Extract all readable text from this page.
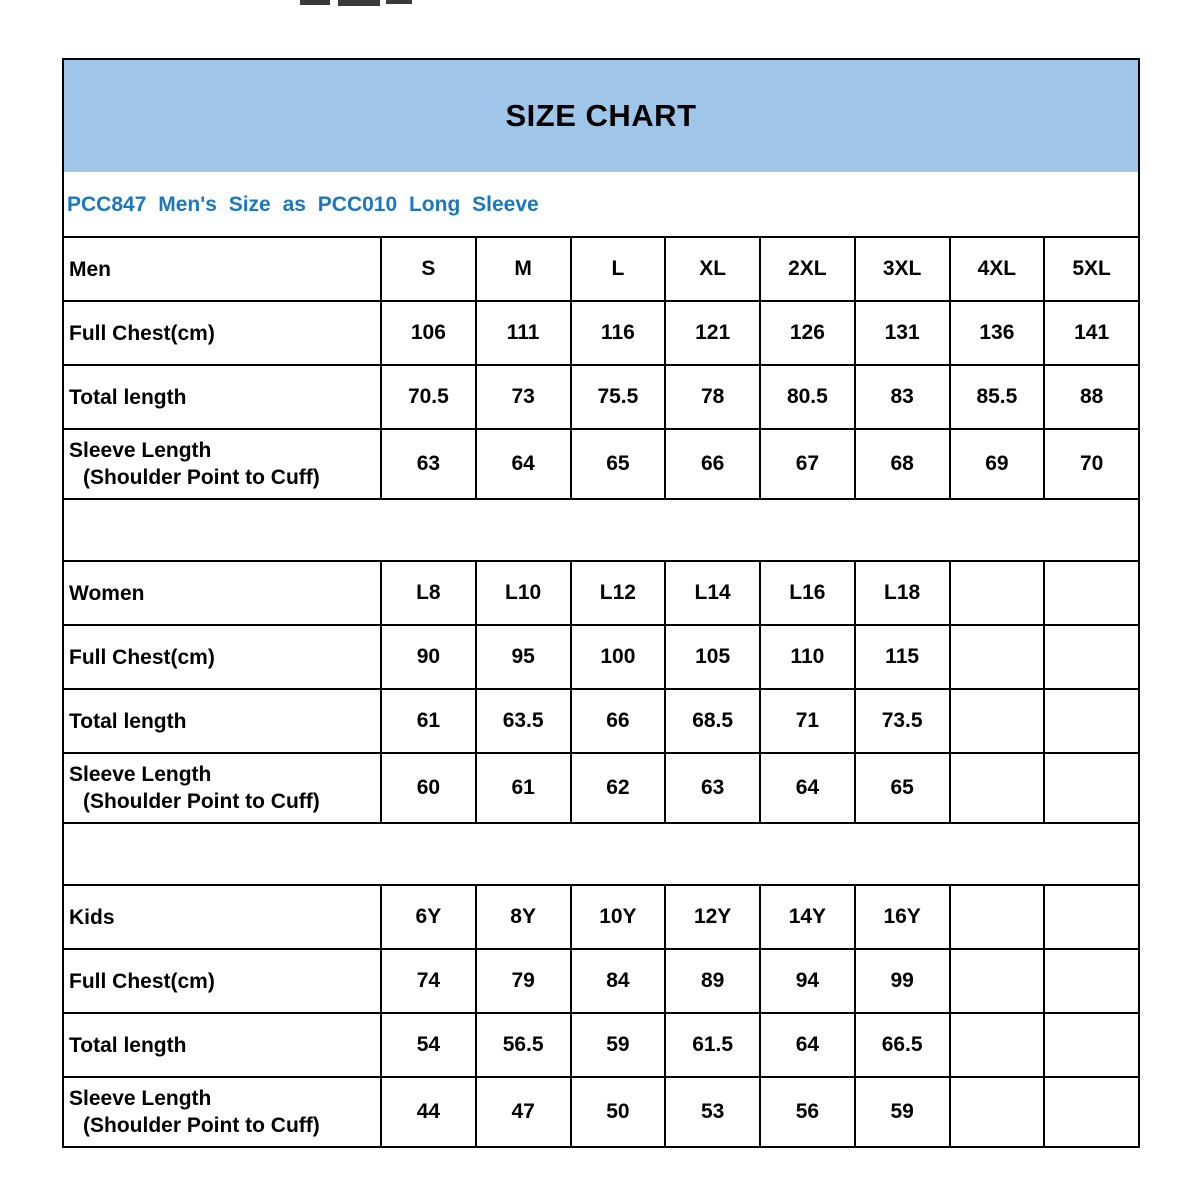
SIZE CHART
PCC847 Men's Size as PCC010 Long Sleeve
Men	S	M	L	XL	2XL	3XL	4XL	5XL
Full Chest(cm)	106	111	116	121	126	131	136	141
Total length	70.5	73	75.5	78	80.5	83	85.5	88

Sleeve Length
(Shoulder Point to Cuff)	63	64	65	66	67	68	69	70

Women	L8	L10	L12	L14	L16	L18		
Full Chest(cm)	90	95	100	105	110	115		
Total length	61	63.5	66	68.5	71	73.5		

Sleeve Length
(Shoulder Point to Cuff)	60	61	62	63	64	65		

Kids	6Y	8Y	10Y	12Y	14Y	16Y		
Full Chest(cm)	74	79	84	89	94	99		
Total length	54	56.5	59	61.5	64	66.5		

Sleeve Length
(Shoulder Point to Cuff)	44	47	50	53	56	59		
